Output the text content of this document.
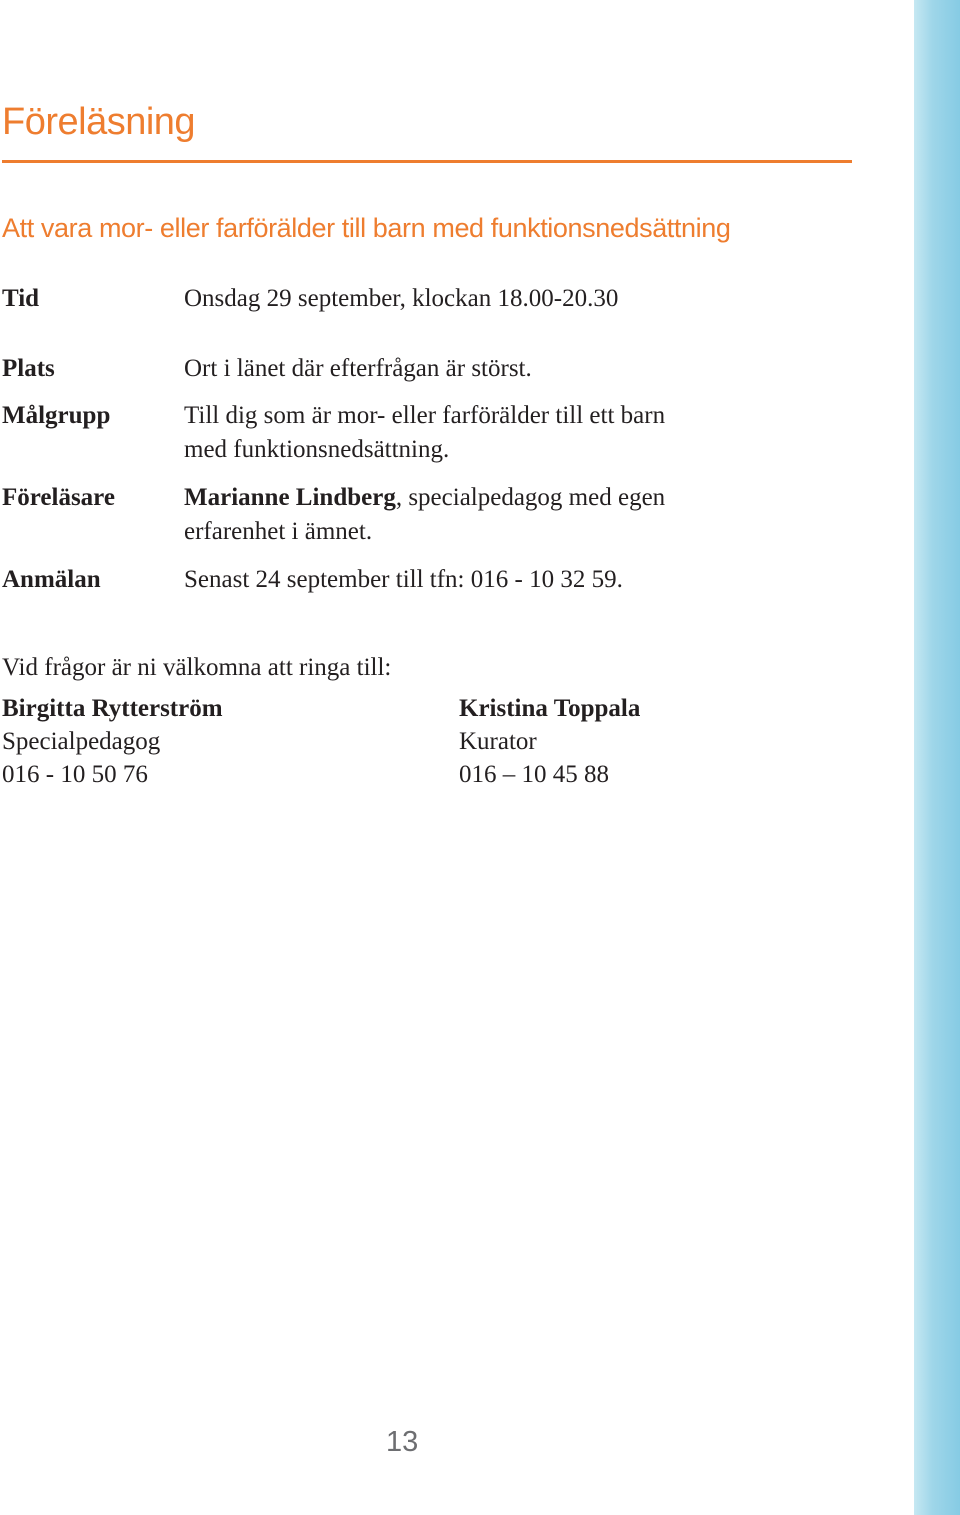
Föreläsning
Att vara mor- eller farförälder till barn med funktionsnedsättning
Tid	Onsdag 29 september, klockan 18.00-20.30
Plats	Ort i länet där efterfrågan är störst.
Målgrupp	Till dig som är mor- eller farförälder till ett barn
med funktionsnedsättning.
Föreläsare	Marianne Lindberg, specialpedagog med egen
erfarenhet i ämnet.
Anmälan	Senast 24 september till tfn: 016 - 10 32 59.
Vid frågor är ni välkomna att ringa till:
Birgitta Rytterström
Specialpedagog
016 - 10 50 76
Kristina Toppala
Kurator
016 – 10 45 88
13
